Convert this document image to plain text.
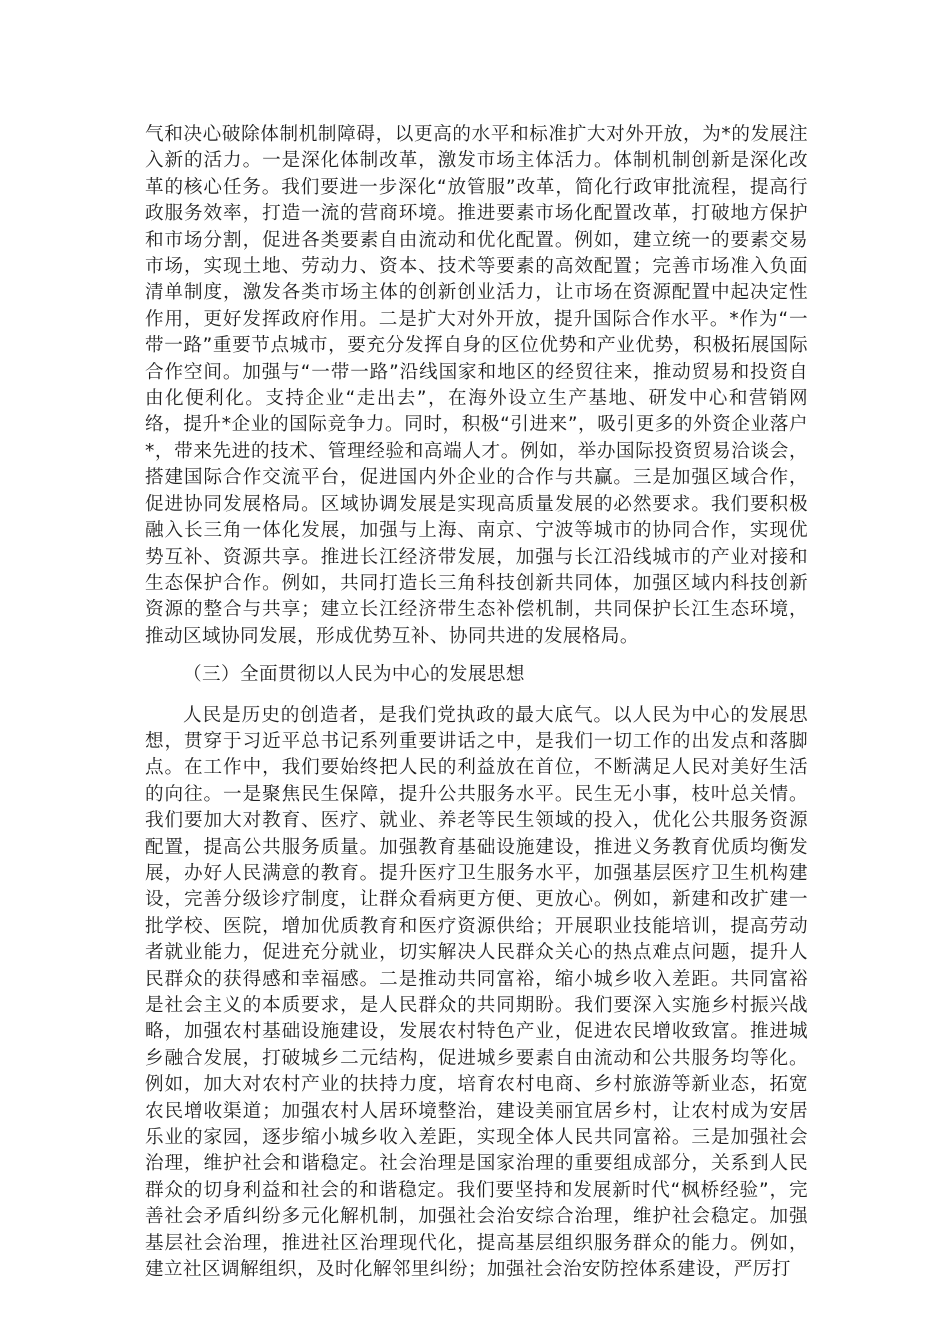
气和决心破除体制机制障碍，以更高的水平和标准扩大对外开放，为*的发展注入新的活力。一是深化体制改革，激发市场主体活力。体制机制创新是深化改革的核心任务。我们要进一步深化“放管服”改革，简化行政审批流程，提高行政服务效率，打造一流的营商环境。推进要素市场化配置改革，打破地方保护和市场分割，促进各类要素自由流动和优化配置。例如，建立统一的要素交易市场，实现土地、劳动力、资本、技术等要素的高效配置；完善市场准入负面清单制度，激发各类市场主体的创新创业活力，让市场在资源配置中起决定性作用，更好发挥政府作用。二是扩大对外开放，提升国际合作水平。*作为“一带一路”重要节点城市，要充分发挥自身的区位优势和产业优势，积极拓展国际合作空间。加强与“一带一路”沿线国家和地区的经贸往来，推动贸易和投资自由化便利化。支持企业“走出去”，在海外设立生产基地、研发中心和营销网络，提升*企业的国际竞争力。同时，积极“引进来”，吸引更多的外资企业落户*，带来先进的技术、管理经验和高端人才。例如，举办国际投资贸易洽谈会，搭建国际合作交流平台，促进国内外企业的合作与共赢。三是加强区域合作，促进协同发展格局。区域协调发展是实现高质量发展的必然要求。我们要积极融入长三角一体化发展，加强与上海、南京、宁波等城市的协同合作，实现优势互补、资源共享。推进长江经济带发展，加强与长江沿线城市的产业对接和生态保护合作。例如，共同打造长三角科技创新共同体，加强区域内科技创新资源的整合与共享；建立长江经济带生态补偿机制，共同保护长江生态环境，推动区域协同发展，形成优势互补、协同共进的发展格局。

（三）全面贯彻以人民为中心的发展思想

人民是历史的创造者，是我们党执政的最大底气。以人民为中心的发展思想，贯穿于习近平总书记系列重要讲话之中，是我们一切工作的出发点和落脚点。在工作中，我们要始终把人民的利益放在首位，不断满足人民对美好生活的向往。一是聚焦民生保障，提升公共服务水平。民生无小事，枝叶总关情。我们要加大对教育、医疗、就业、养老等民生领域的投入，优化公共服务资源配置，提高公共服务质量。加强教育基础设施建设，推进义务教育优质均衡发展，办好人民满意的教育。提升医疗卫生服务水平，加强基层医疗卫生机构建设，完善分级诊疗制度，让群众看病更方便、更放心。例如，新建和改扩建一批学校、医院，增加优质教育和医疗资源供给；开展职业技能培训，提高劳动者就业能力，促进充分就业，切实解决人民群众关心的热点难点问题，提升人民群众的获得感和幸福感。二是推动共同富裕，缩小城乡收入差距。共同富裕是社会主义的本质要求，是人民群众的共同期盼。我们要深入实施乡村振兴战略，加强农村基础设施建设，发展农村特色产业，促进农民增收致富。推进城乡融合发展，打破城乡二元结构，促进城乡要素自由流动和公共服务均等化。例如，加大对农村产业的扶持力度，培育农村电商、乡村旅游等新业态，拓宽农民增收渠道；加强农村人居环境整治，建设美丽宜居乡村，让农村成为安居乐业的家园，逐步缩小城乡收入差距，实现全体人民共同富裕。三是加强社会治理，维护社会和谐稳定。社会治理是国家治理的重要组成部分，关系到人民群众的切身利益和社会的和谐稳定。我们要坚持和发展新时代“枫桥经验”，完善社会矛盾纠纷多元化解机制，加强社会治安综合治理，维护社会稳定。加强基层社会治理，推进社区治理现代化，提高基层组织服务群众的能力。例如，建立社区调解组织，及时化解邻里纠纷；加强社会治安防控体系建设，严厉打
